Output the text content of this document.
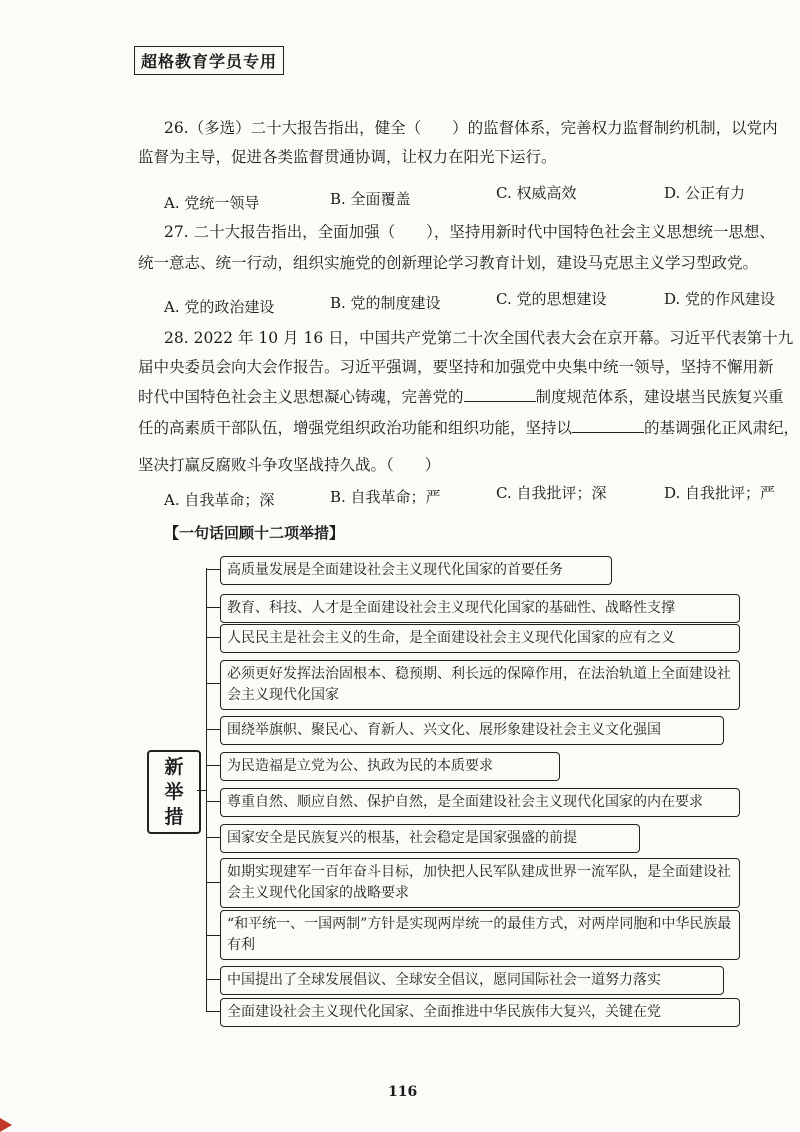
超格教育学员专用
26.（多选）二十大报告指出，健全（　　）的监督体系，完善权力监督制约机制，以党内
监督为主导，促进各类监督贯通协调，让权力在阳光下运行。
A. 党统一领导	B. 全面覆盖	C. 权威高效	D. 公正有力
27. 二十大报告指出，全面加强（　　），坚持用新时代中国特色社会主义思想统一思想、
统一意志、统一行动，组织实施党的创新理论学习教育计划，建设马克思主义学习型政党。
A. 党的政治建设	B. 党的制度建设	C. 党的思想建设	D. 党的作风建设
28. 2022 年 10 月 16 日，中国共产党第二十次全国代表大会在京开幕。习近平代表第十九
届中央委员会向大会作报告。习近平强调，要坚持和加强党中央集中统一领导，坚持不懈用新
时代中国特色社会主义思想凝心铸魂，完善党的	制度规范体系，建设堪当民族复兴重
任的高素质干部队伍，增强党组织政治功能和组织功能，坚持以	的基调强化正风肃纪，
坚决打赢反腐败斗争攻坚战持久战。（　　）
A. 自我革命；深	B. 自我革命；严	C. 自我批评；深	D. 自我批评；严
【一句话回顾十二项举措】
新
举
措
高质量发展是全面建设社会主义现代化国家的首要任务
教育、科技、人才是全面建设社会主义现代化国家的基础性、战略性支撑
人民民主是社会主义的生命，是全面建设社会主义现代化国家的应有之义
必须更好发挥法治固根本、稳预期、利长远的保障作用，在法治轨道上全面建设社会主义现代化国家
围绕举旗帜、聚民心、育新人、兴文化、展形象建设社会主义文化强国
为民造福是立党为公、执政为民的本质要求
尊重自然、顺应自然、保护自然，是全面建设社会主义现代化国家的内在要求
国家安全是民族复兴的根基，社会稳定是国家强盛的前提
如期实现建军一百年奋斗目标，加快把人民军队建成世界一流军队，是全面建设社会主义现代化国家的战略要求
“和平统一、一国两制”方针是实现两岸统一的最佳方式，对两岸同胞和中华民族最有利
中国提出了全球发展倡议、全球安全倡议，愿同国际社会一道努力落实
全面建设社会主义现代化国家、全面推进中华民族伟大复兴，关键在党
116
